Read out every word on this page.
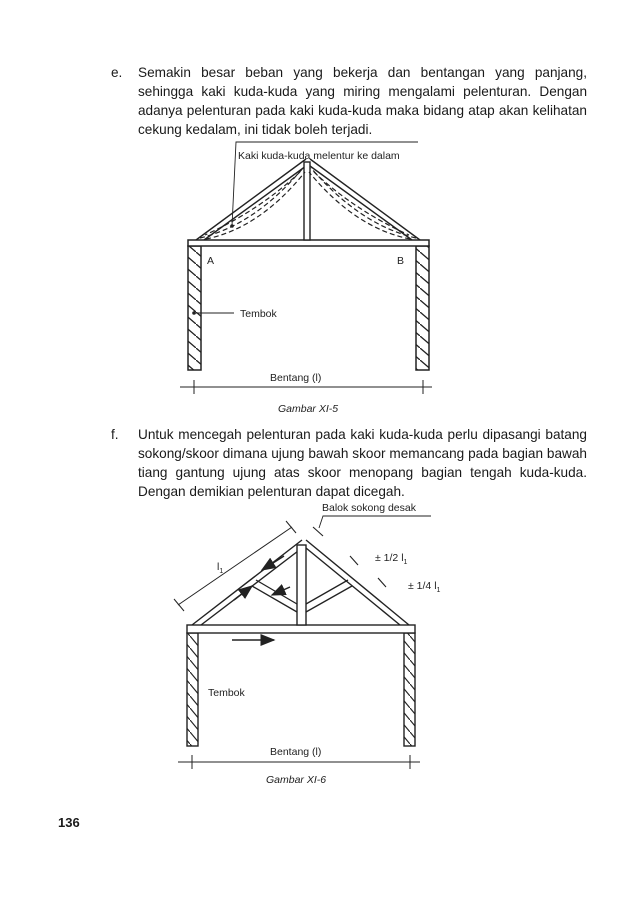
e. Semakin besar beban yang bekerja dan bentangan yang panjang, sehingga kaki kuda-kuda yang miring mengalami pelenturan. Dengan adanya pelenturan pada kaki kuda-kuda maka bidang atap akan kelihatan cekung kedalam, ini tidak boleh terjadi.
Kaki kuda-kuda melentur ke dalam
A	B
Tembok
Bentang (l)
Gambar XI-5
f. Untuk mencegah pelenturan pada kaki kuda-kuda perlu dipasangi batang sokong/skoor dimana ujung bawah skoor memancang pada bagian bawah tiang gantung ujung atas skoor menopang bagian tengah kuda-kuda. Dengan demikian pelenturan dapat dicegah.
$l_1$
Balok sokong desak
± 1/2 $l_1$
± 1/4 $l_1$
Tembok
Bentang (l)
Gambar XI-6
136
